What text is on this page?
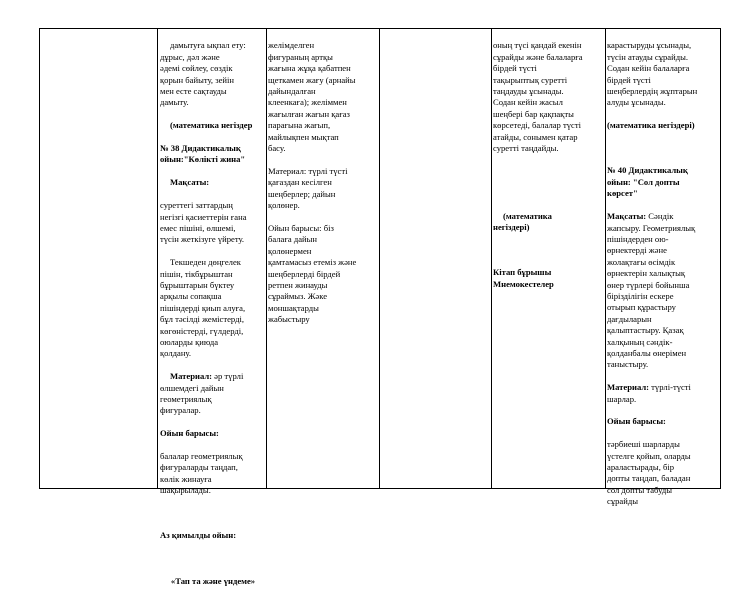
дамытуға ықпал ету:
дұрыс, дәл және
әдемі сөйлеу, сөздік
қорын байыту, зейін
мен есте сақтауды
дамыту.

(математика негіздер

№ 38 Дидактикалық
ойын:"Көлікті жина"

Мақсаты:

суреттегі заттардың
негізгі қасиеттерін ғана
емес пішіні, өлшемі,
түсін жеткізуге үйрету.

Текшеден дөңгелек
пішін, тікбұрыштан
бұрыштарын бүктеу
арқылы сопақша
пішіндерді қиып алуға,
бұл тәсілді жемістерді,
көгөністерді, гүлдерді,
оюларды қиюда
қолдану.

Материал: әр түрлі
өлшемдегі дайын
геометриялық
фигуралар.

Ойын барысы:

балалар геометриялық
фигураларды таңдап,
көлік жинауға
шақырылады.

Аз қимылды ойын:

«Тап та және үндеме»

желімделген
фигураның артқы
жағына жұқа қабатпен
щеткамен жағу (арнайы
дайындалған
клеенкаға); желіммен
жағылған жағын қағаз
парағына жағып,
майлықпен мықтап
басу.

Материал: түрлі түсті
қағаздан кесілген
шеңберлер; дайын
қолөнер.

Ойын барысы: біз
балаға дайын
қолөнермен
қамтамасыз етеміз және
шеңберлерді бірдей
ретпен жинауды
сұраймыз. Жәке
моншақтарды
жабыстыру

оның түсі қандай екенін
сұрайды және балаларға
бірдей түсті
тақырыптық суретті
таңдауды ұсынады.
Содан кейін жасыл
шеңбері бар қақпақты
көрсетеді, балалар түсті
атайды, сонымен қатар
суретті таңдайды.

(математика
негіздері)

Кітап бұрышы
Мнемокестелер

карастыруды ұсынады,
түсін атауды сұрайды.
Содан кейін балаларға
бірдей түсті
шеңберлердің жұптарын
алуды ұсынады.

(математика негіздері)

№ 40 Дидактикалық
ойын: "Сол допты
көрсет"

Мақсаты: Сәндік
жапсыру. Геометриялық
пішіндерден ою-
өрнектерді және
жолақтағы өсімдік
өрнектерін халықтық
өнер түрлері бойынша
бірізділігін ескере
отырып құрастыру
дағдыларын
қалыптастыру. Қазақ
халқының сәндік-
қолданбалы өнерімен
таныстыру.

Материал: түрлі-түсті
шарлар.

Ойын барысы:

тәрбиеші шарларды
үстелге қойып, оларды
араластырады, бір
допты таңдап, баладан
сол допты табуды
сұрайды
